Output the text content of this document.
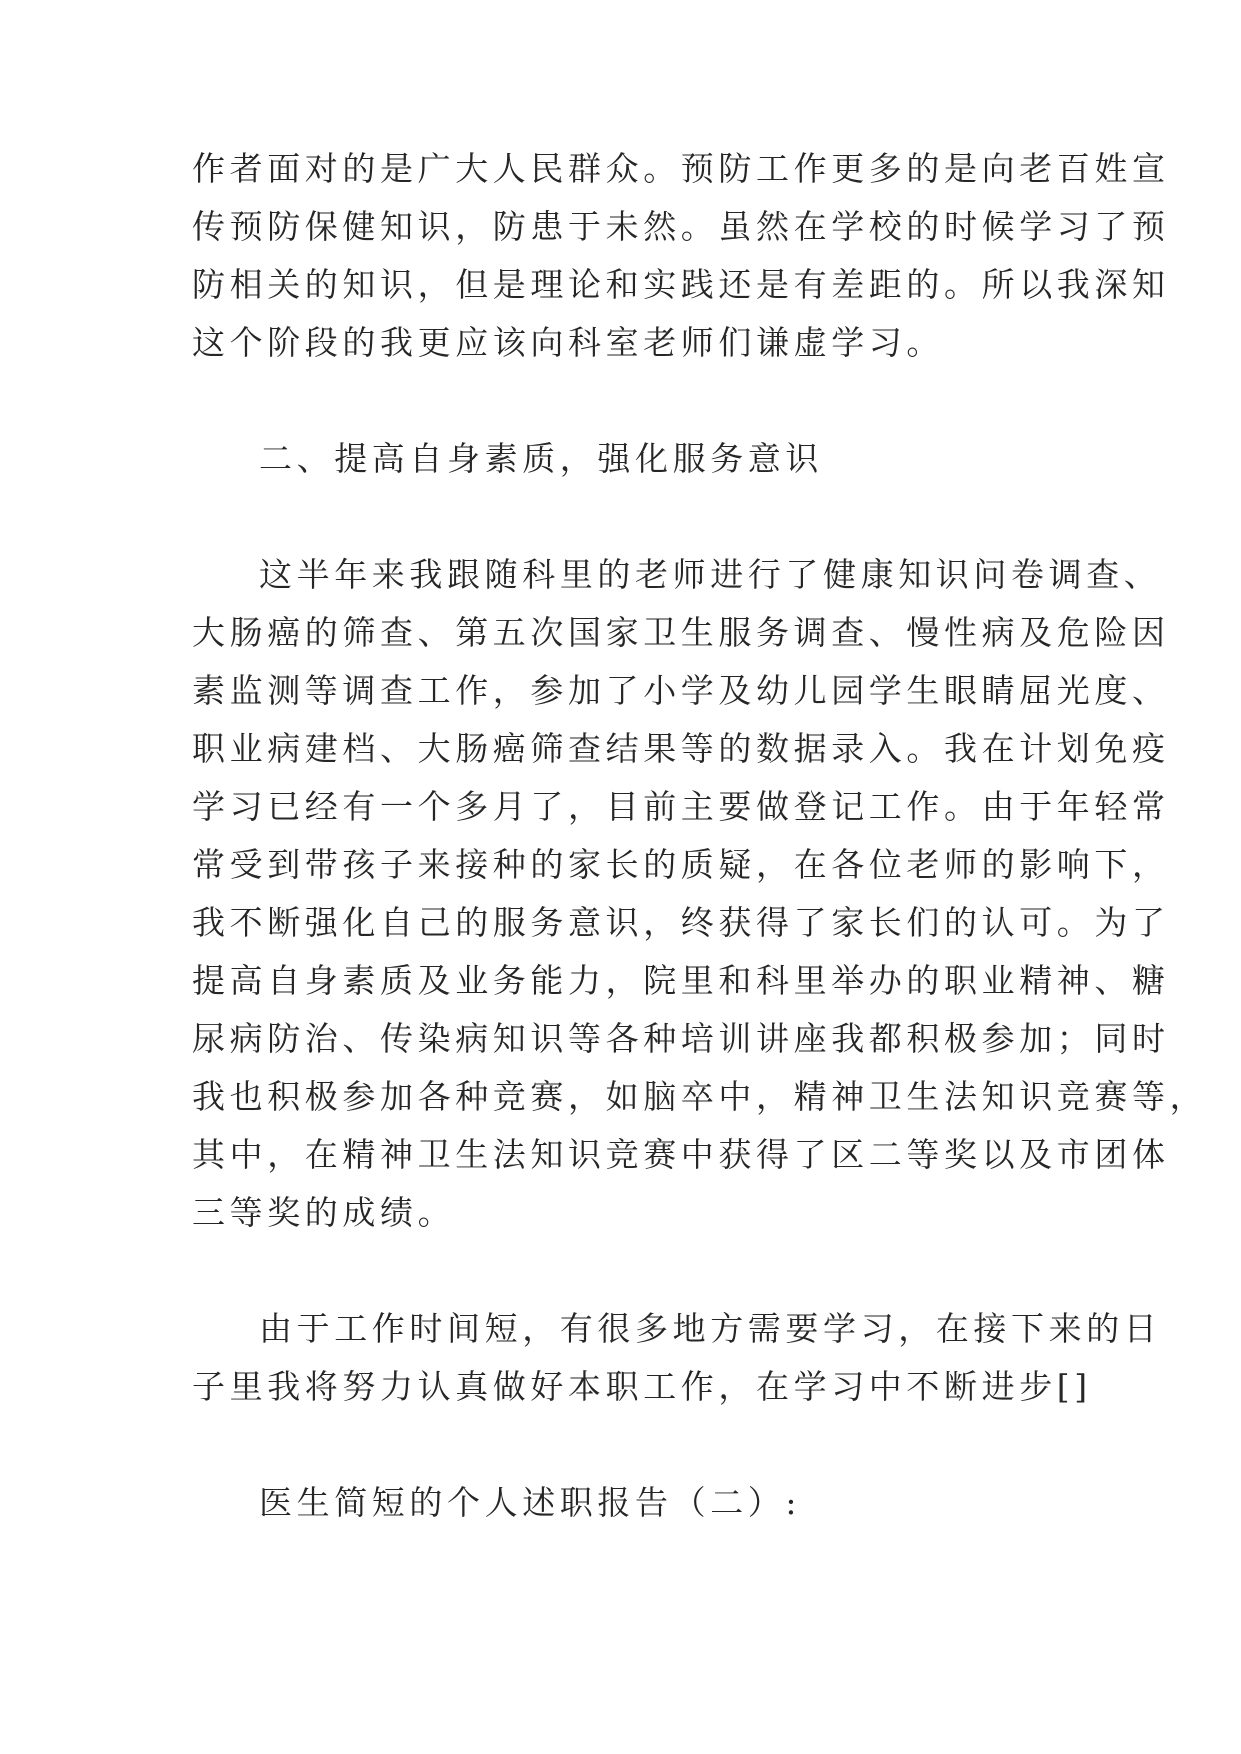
作者面对的是广大人民群众。预防工作更多的是向老百姓宣
传预防保健知识，防患于未然。虽然在学校的时候学习了预
防相关的知识，但是理论和实践还是有差距的。所以我深知
这个阶段的我更应该向科室老师们谦虚学习。
二、提高自身素质，强化服务意识
这半年来我跟随科里的老师进行了健康知识问卷调查、
大肠癌的筛查、第五次国家卫生服务调查、慢性病及危险因
素监测等调查工作，参加了小学及幼儿园学生眼睛屈光度、
职业病建档、大肠癌筛查结果等的数据录入。我在计划免疫
学习已经有一个多月了，目前主要做登记工作。由于年轻常
常受到带孩子来接种的家长的质疑，在各位老师的影响下，
我不断强化自己的服务意识，终获得了家长们的认可。为了
提高自身素质及业务能力，院里和科里举办的职业精神、糖
尿病防治、传染病知识等各种培训讲座我都积极参加；同时
我也积极参加各种竞赛，如脑卒中，精神卫生法知识竞赛等，
其中，在精神卫生法知识竞赛中获得了区二等奖以及市团体
三等奖的成绩。
由于工作时间短，有很多地方需要学习，在接下来的日
子里我将努力认真做好本职工作，在学习中不断进步[]
医生简短的个人述职报告（二）:
